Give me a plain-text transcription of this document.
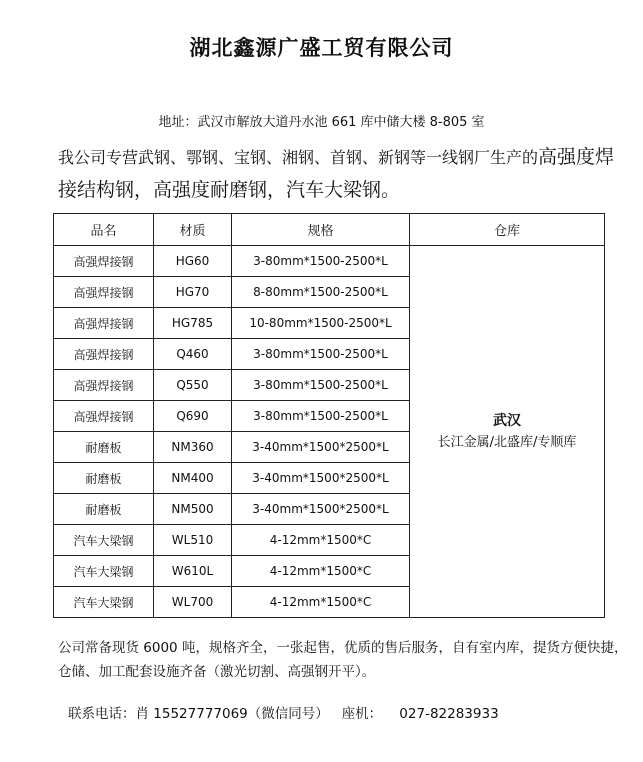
湖北鑫源广盛工贸有限公司
地址：武汉市解放大道丹水池 661 库中储大楼 8-805 室
我公司专营武钢、鄂钢、宝钢、湘钢、首钢、新钢等一线钢厂生产的高强度焊接结构钢，高强度耐磨钢，汽车大梁钢。
品名	材质	规格	仓库
高强焊接钢	HG60	3-80mm*1500-2500*L	武汉
长江金属/北盛库/专顺库

高强焊接钢	HG70	8-80mm*1500-2500*L	
高强焊接钢	HG785	10-80mm*1500-2500*L	
高强焊接钢	Q460	3-80mm*1500-2500*L	
高强焊接钢	Q550	3-80mm*1500-2500*L	
高强焊接钢	Q690	3-80mm*1500-2500*L	
耐磨板	NM360	3-40mm*1500*2500*L	
耐磨板	NM400	3-40mm*1500*2500*L	
耐磨板	NM500	3-40mm*1500*2500*L	
汽车大梁钢	WL510	4-12mm*1500*C	
汽车大梁钢	W610L	4-12mm*1500*C	
汽车大梁钢	WL700	4-12mm*1500*C	
公司常备现货 6000 吨，规格齐全，一张起售，优质的售后服务，自有室内库，提货方便快捷，仓储、加工配套设施齐备（激光切割、高强钢开平）。
联系电话：肖 15527777069（微信同号）   座机：    027-82283933
